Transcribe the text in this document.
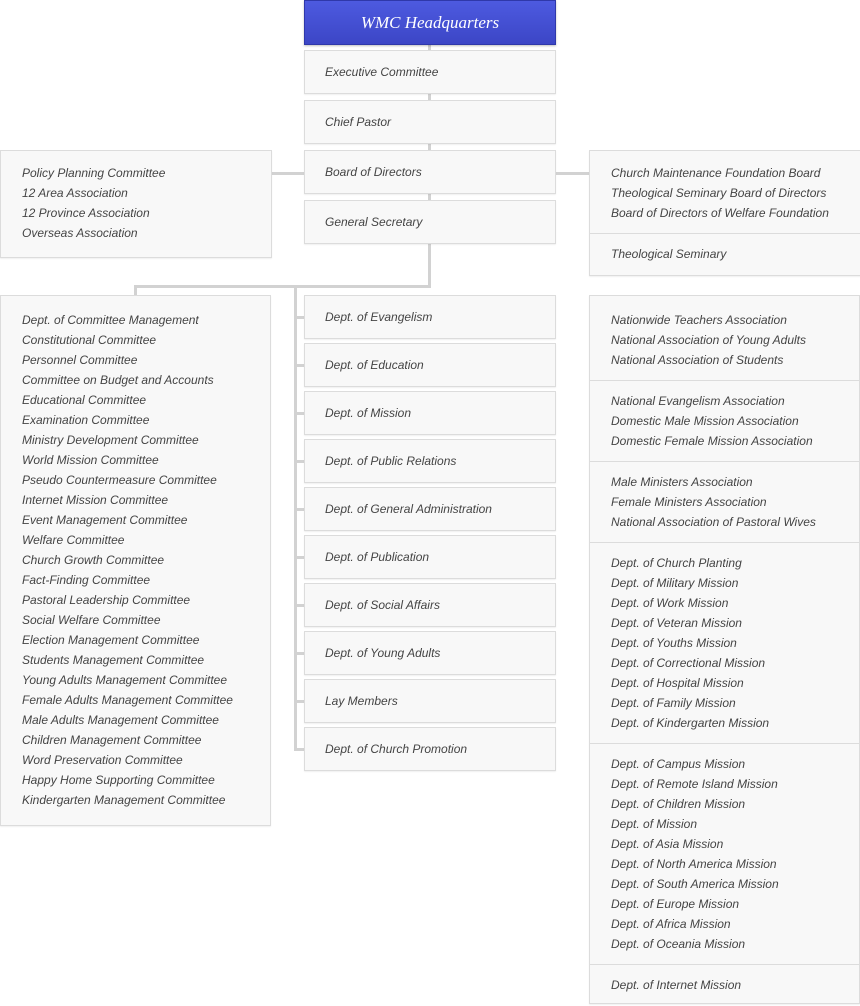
WMC Headquarters
Executive Committee
Chief Pastor
Board of Directors
General Secretary
Policy Planning Committee
12 Area Association
12 Province Association
Overseas Association
Church Maintenance Foundation Board
Theological Seminary Board of Directors
Board of Directors of Welfare Foundation
Theological Seminary
Dept. of Committee Management
Constitutional Committee
Personnel Committee
Committee on Budget and Accounts
Educational Committee
Examination Committee
Ministry Development Committee
World Mission Committee
Pseudo Countermeasure Committee
Internet Mission Committee
Event Management Committee
Welfare Committee
Church Growth Committee
Fact-Finding Committee
Pastoral Leadership Committee
Social Welfare Committee
Election Management Committee
Students Management Committee
Young Adults Management Committee
Female Adults Management Committee
Male Adults Management Committee
Children Management Committee
Word Preservation Committee
Happy Home Supporting Committee
Kindergarten Management Committee
Dept. of Evangelism
Dept. of Education
Dept. of Mission
Dept. of Public Relations
Dept. of General Administration
Dept. of Publication
Dept. of Social Affairs
Dept. of Young Adults
Lay Members
Dept. of Church Promotion
Nationwide Teachers Association
National Association of Young Adults
National Association of Students
National Evangelism Association
Domestic Male Mission Association
Domestic Female Mission Association
Male Ministers Association
Female Ministers Association
National Association of Pastoral Wives
Dept. of Church Planting
Dept. of Military Mission
Dept. of Work Mission
Dept. of Veteran Mission
Dept. of Youths Mission
Dept. of Correctional Mission
Dept. of Hospital Mission
Dept. of Family Mission
Dept. of Kindergarten Mission
Dept. of Campus Mission
Dept. of Remote Island Mission
Dept. of Children Mission
Dept. of Mission
Dept. of Asia Mission
Dept. of North America Mission
Dept. of South America Mission
Dept. of Europe Mission
Dept. of Africa Mission
Dept. of Oceania Mission
Dept. of Internet Mission
